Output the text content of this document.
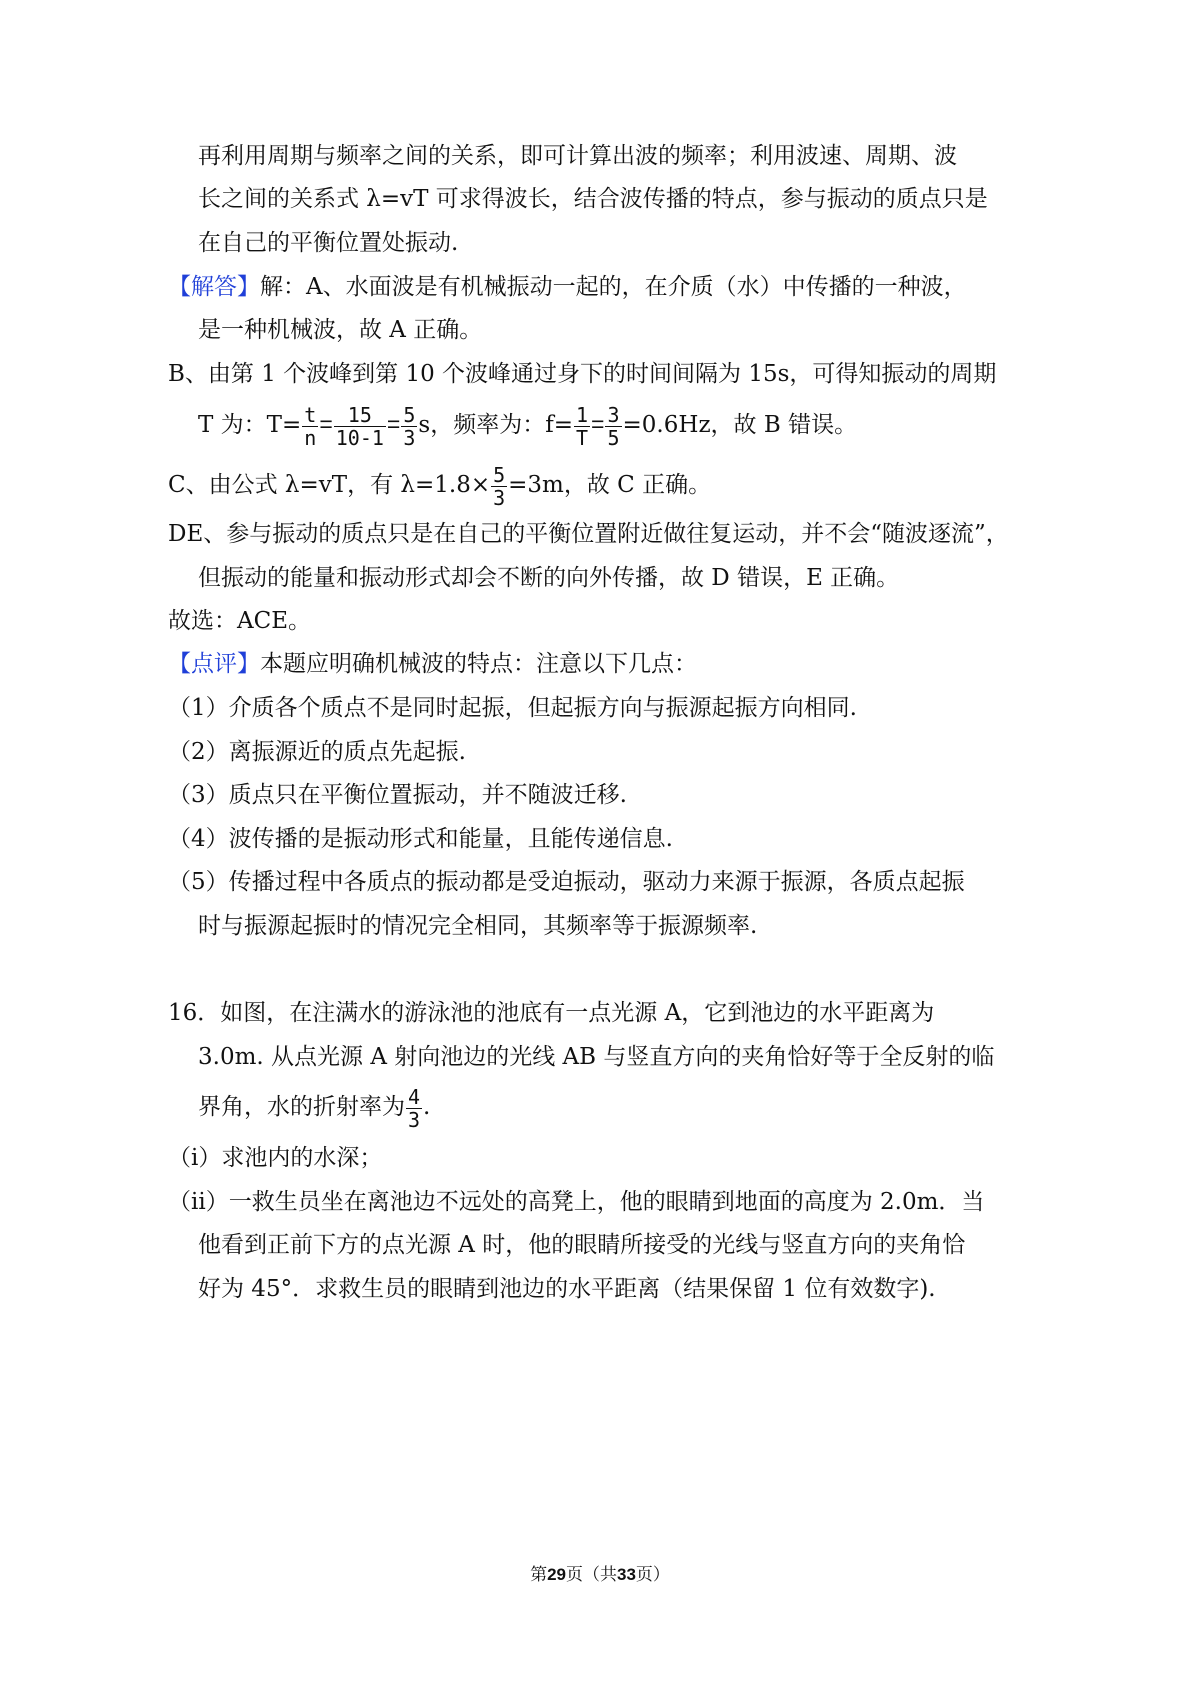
再利用周期与频率之间的关系，即可计算出波的频率；利用波速、周期、波
长之间的关系式 λ=vT 可求得波长，结合波传播的特点，参与振动的质点只是
在自己的平衡位置处振动.
【解答】解：A、水面波是有机械振动一起的，在介质（水）中传播的一种波，
是一种机械波，故 A 正确。
B、由第 1 个波峰到第 10 个波峰通过身下的时间间隔为 15s，可得知振动的周期
T 为：$T= \frac{t}{n} = \frac{15}{10-1} = \frac{5}{3}$ s，频率为：$f= \frac{1}{T} = \frac{3}{5} =0.6Hz$，故 B 错误。
C、由公式 λ=vT，有 $\lambda=1.8\times \frac{5}{3} =3m$，故 C 正确。
DE、参与振动的质点只是在自己的平衡位置附近做往复运动，并不会“随波逐流”，
但振动的能量和振动形式却会不断的向外传播，故 D 错误，E 正确。
故选：ACE。
【点评】本题应明确机械波的特点：注意以下几点：
（1）介质各个质点不是同时起振，但起振方向与振源起振方向相同.
（2）离振源近的质点先起振.
（3）质点只在平衡位置振动，并不随波迁移.
（4）波传播的是振动形式和能量，且能传递信息.
（5）传播过程中各质点的振动都是受迫振动，驱动力来源于振源，各质点起振
时与振源起振时的情况完全相同，其频率等于振源频率.
16．如图，在注满水的游泳池的池底有一点光源 A，它到池边的水平距离为
3.0m. 从点光源 A 射向池边的光线 AB 与竖直方向的夹角恰好等于全反射的临
界角，水的折射率为 $\frac{4}{3}$ .
（i）求池内的水深；
（ii）一救生员坐在离池边不远处的高凳上，他的眼睛到地面的高度为 2.0m．当
他看到正前下方的点光源 A 时，他的眼睛所接受的光线与竖直方向的夹角恰
好为 45°．求救生员的眼睛到池边的水平距离（结果保留 1 位有效数字).
第29页（共33页）
